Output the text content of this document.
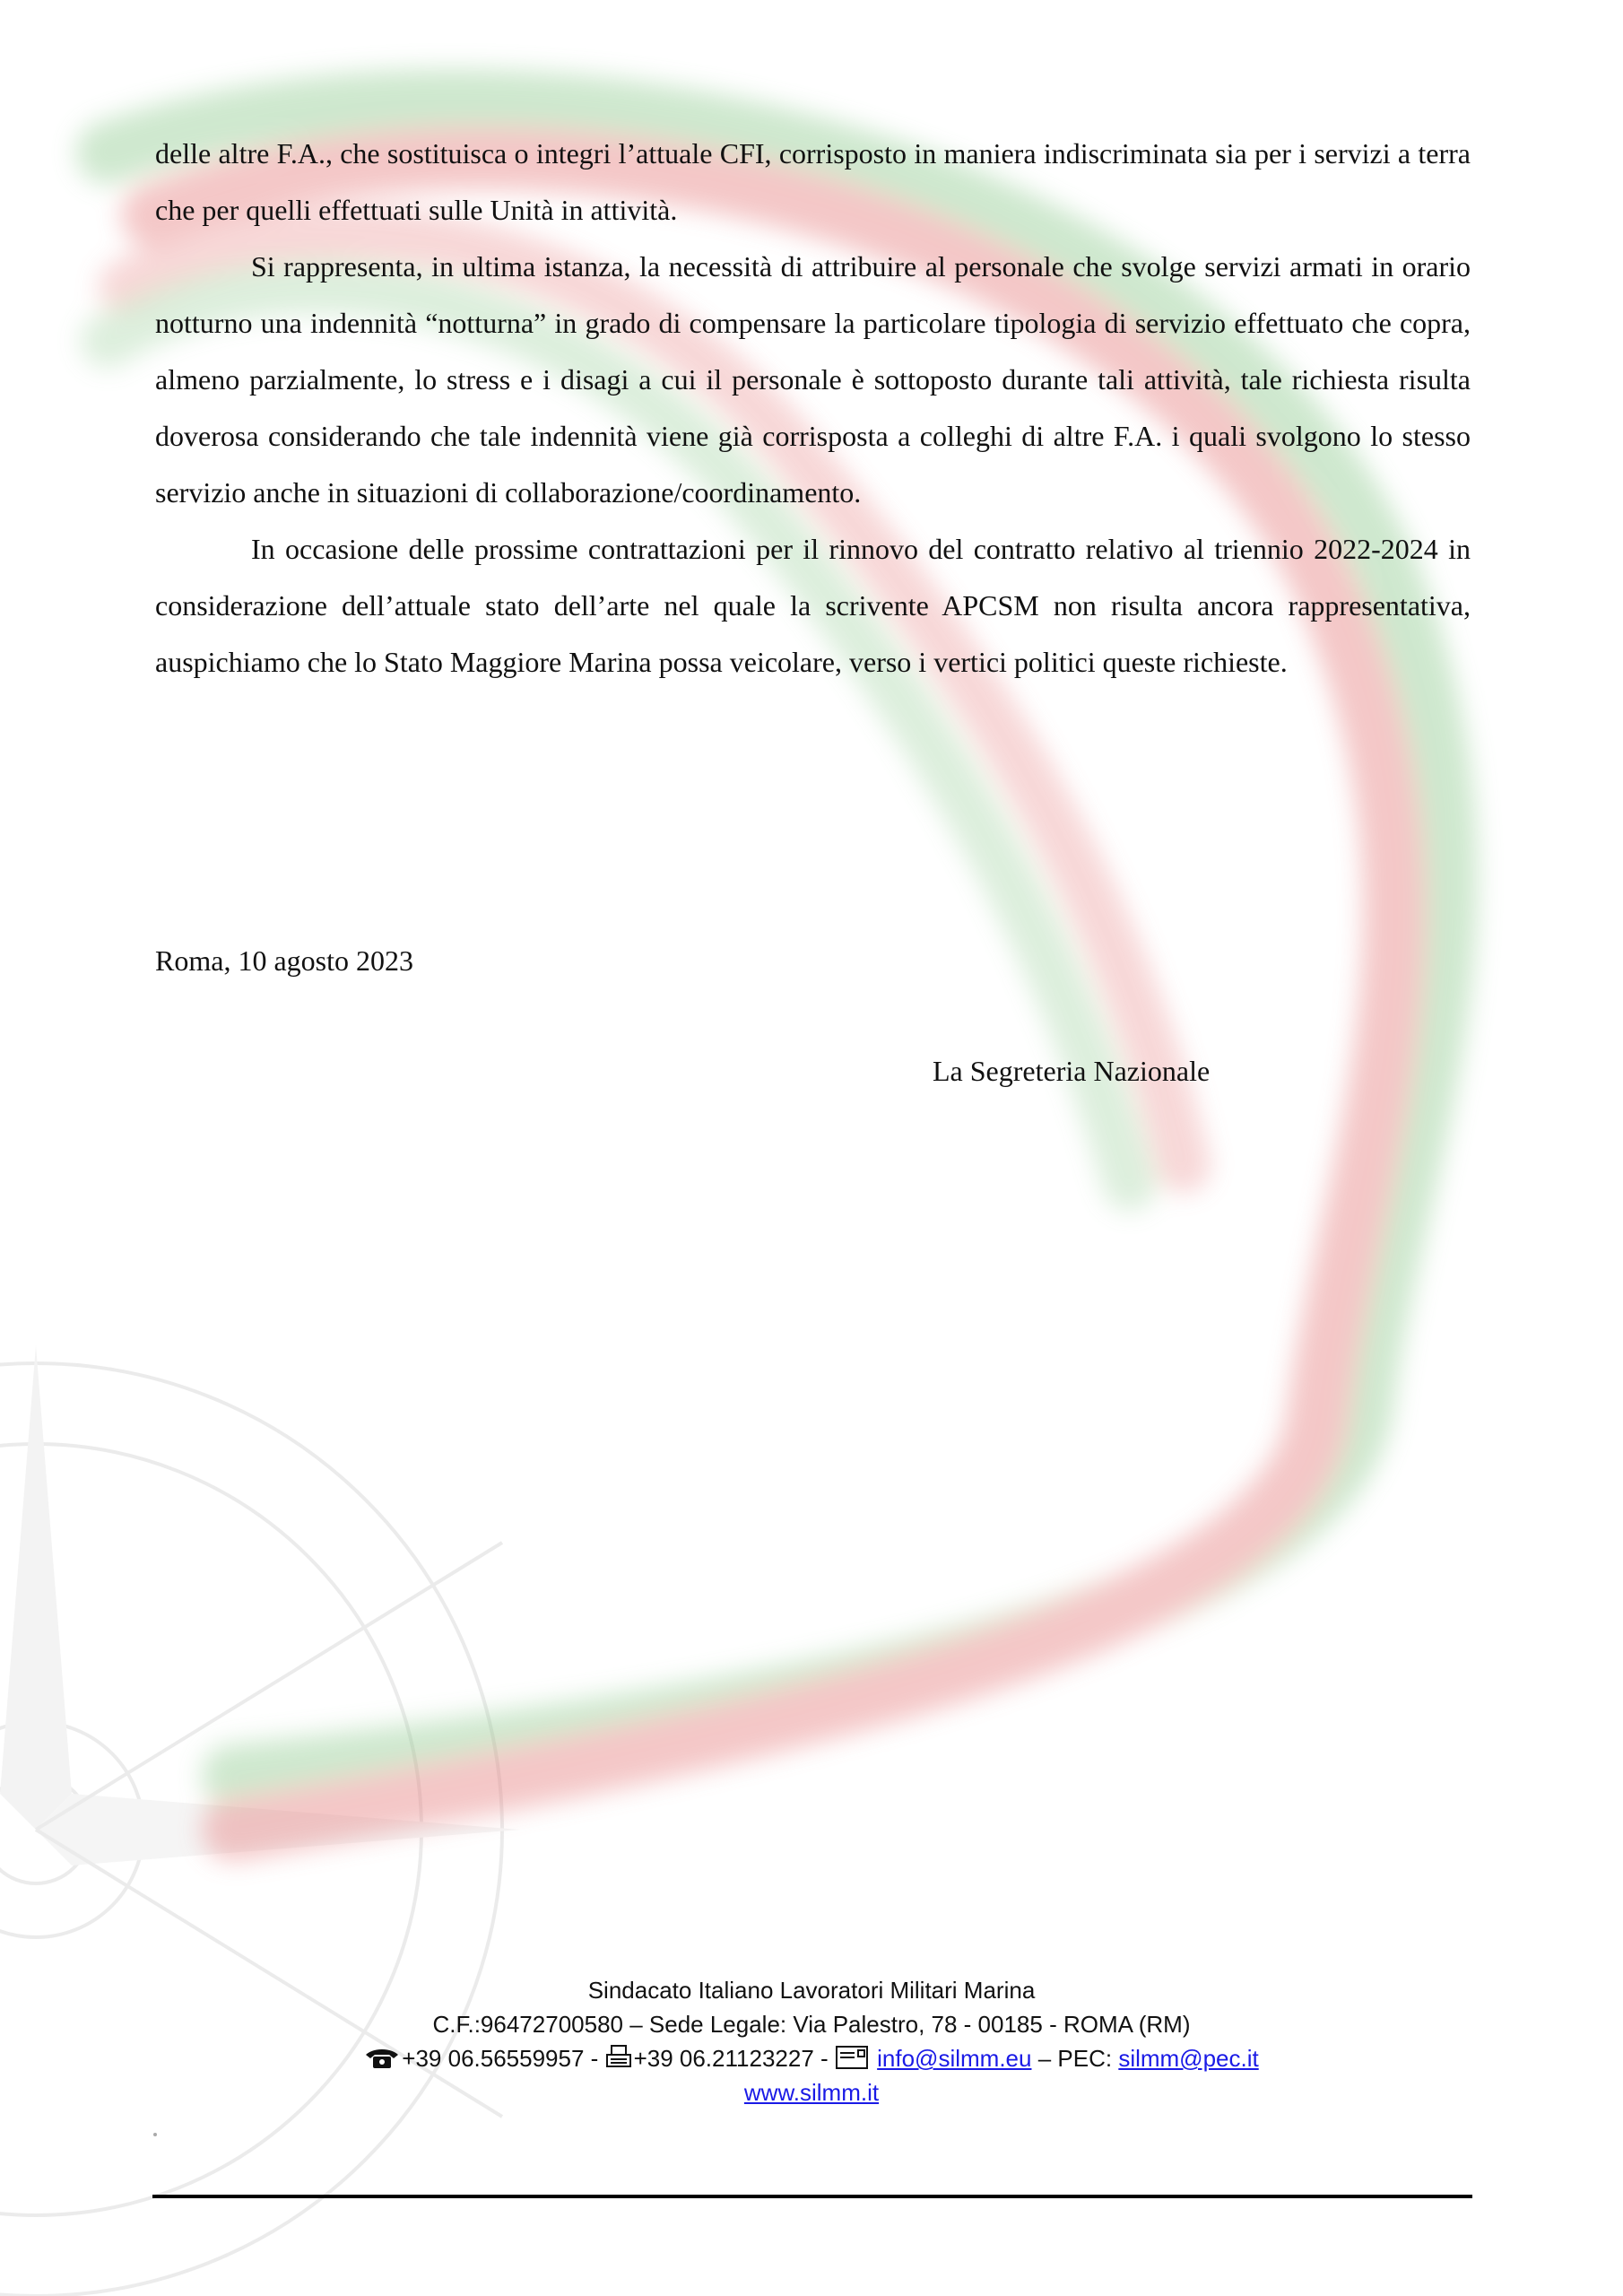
delle altre F.A., che sostituisca o integri l’attuale CFI, corrisposto in maniera indiscriminata sia per i servizi a terra che per quelli effettuati sulle Unità in attività.

Si rappresenta, in ultima istanza, la necessità di attribuire al personale che svolge servizi armati in orario notturno una indennità “notturna” in grado di compensare la particolare tipologia di servizio effettuato che copra, almeno parzialmente, lo stress e i disagi a cui il personale è sottoposto durante tali attività, tale richiesta risulta doverosa considerando che tale indennità viene già corrisposta a colleghi di altre F.A. i quali svolgono lo stesso servizio anche in situazioni di collaborazione/coordinamento.

In occasione delle prossime contrattazioni per il rinnovo del contratto relativo al triennio 2022-2024 in considerazione dell’attuale stato dell’arte nel quale la scrivente APCSM non risulta ancora rappresentativa, auspichiamo che lo Stato Maggiore Marina possa veicolare, verso i vertici politici queste richieste.

Roma, 10 agosto 2023
La Segreteria Nazionale
Sindacato Italiano Lavoratori Militari Marina
C.F.:96472700580 – Sede Legale: Via Palestro, 78 - 00185 - ROMA (RM)
+39 06.56559957 - +39 06.21123227 - info@silmm.eu – PEC: silmm@pec.it
www.silmm.it
